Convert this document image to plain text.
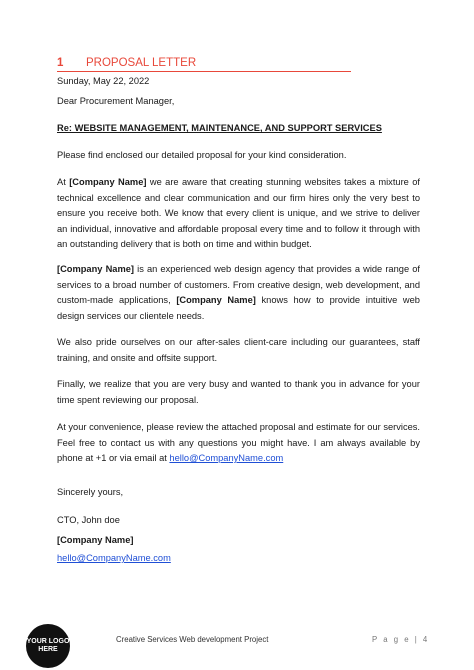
1 PROPOSAL LETTER
Sunday, May 22, 2022
Dear Procurement Manager,
Re: WEBSITE MANAGEMENT, MAINTENANCE, AND SUPPORT SERVICES
Please find enclosed our detailed proposal for your kind consideration.

At [Company Name] we are aware that creating stunning websites takes a mixture of technical excellence and clear communication and our firm hires only the very best to ensure you receive both. We know that every client is unique, and we strive to deliver an individual, innovative and affordable proposal every time and to follow it through with an outstanding delivery that is both on time and within budget.

[Company Name] is an experienced web design agency that provides a wide range of services to a broad number of customers. From creative design, web development, and custom-made applications, [Company Name] knows how to provide intuitive web design services our clientele needs.

We also pride ourselves on our after-sales client-care including our guarantees, staff training, and onsite and offsite support.

Finally, we realize that you are very busy and wanted to thank you in advance for your time spent reviewing our proposal.

At your convenience, please review the attached proposal and estimate for our services. Feel free to contact us with any questions you might have. I am always available by phone at +1 or via email at hello@CompanyName.com

Sincerely yours,
CTO, John doe
[Company Name]
hello@CompanyName.com
YOUR LOGO HERE
Creative Services Web development Project	P a g e | 4
